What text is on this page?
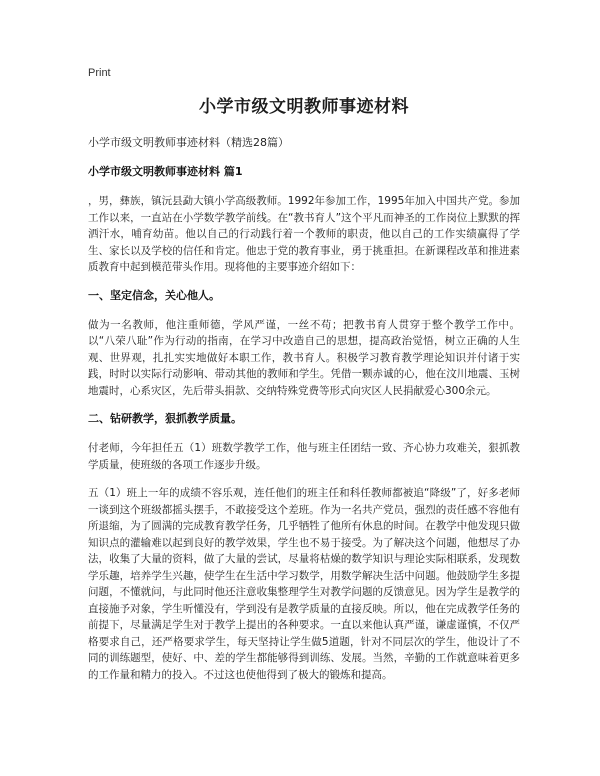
Print
小学市级文明教师事迹材料
小学市级文明教师事迹材料（精选28篇）
小学市级文明教师事迹材料 篇1

，男，彝族，镇沅县勐大镇小学高级教师。1992年参加工作，1995年加入中国共产党。参加工作以来，一直站在小学数学教学前线。在“教书育人”这个平凡而神圣的工作岗位上默默的挥洒汗水，哺育幼苗。他以自己的行动践行着一个教师的职责，他以自己的工作实绩赢得了学生、家长以及学校的信任和肯定。他忠于党的教育事业，勇于挑重担。在新课程改革和推进素质教育中起到模范带头作用。现将他的主要事迹介绍如下：

一、坚定信念，关心他人。

做为一名教师，他注重师德，学风严谨，一丝不苟；把教书育人贯穿于整个教学工作中。以“八荣八耻”作为行动的指南，在学习中改造自己的思想，提高政治觉悟，树立正确的人生观、世界观，扎扎实实地做好本职工作，教书育人。积极学习教育教学理论知识并付诸于实践，时时以实际行动影响、带动其他的教师和学生。凭借一颗赤诚的心，他在汶川地震、玉树地震时，心系灾区，先后带头捐款、交纳特殊党费等形式向灾区人民捐献爱心300余元。

二、钻研教学，狠抓教学质量。

付老师，今年担任五（1）班数学教学工作，他与班主任团结一致、齐心协力攻难关，狠抓教学质量，使班级的各项工作逐步升级。

五（1）班上一年的成绩不容乐观，连任他们的班主任和科任教师都被追“降级”了，好多老师一谈到这个班级都摇头摆手，不敢接受这个差班。作为一名共产党员，强烈的责任感不容他有所退缩，为了圆满的完成教育教学任务，几乎牺牲了他所有休息的时间。在教学中他发现只做知识点的灌输难以起到良好的教学效果，学生也不易于接受。为了解决这个问题，他想尽了办法，收集了大量的资料，做了大量的尝试，尽量将枯燥的数学知识与理论实际相联系，发现数学乐趣，培养学生兴趣，使学生在生活中学习数学，用数学解决生活中问题。他鼓励学生多提问题，不懂就问，与此同时他还注意收集整理学生对教学问题的反馈意见。因为学生是教学的直接施予对象，学生听懂没有，学到没有是教学质量的直接反映。所以，他在完成教学任务的前提下，尽量满足学生对于教学上提出的各种要求。一直以来他认真严谨，谦虚谨慎，不仅严格要求自己，还严格要求学生，每天坚持让学生做5道题，针对不同层次的学生，他设计了不同的训练题型，使好、中、差的学生都能够得到训练、发展。当然，辛勤的工作就意味着更多的工作量和精力的投入。不过这也使他得到了极大的锻炼和提高。
